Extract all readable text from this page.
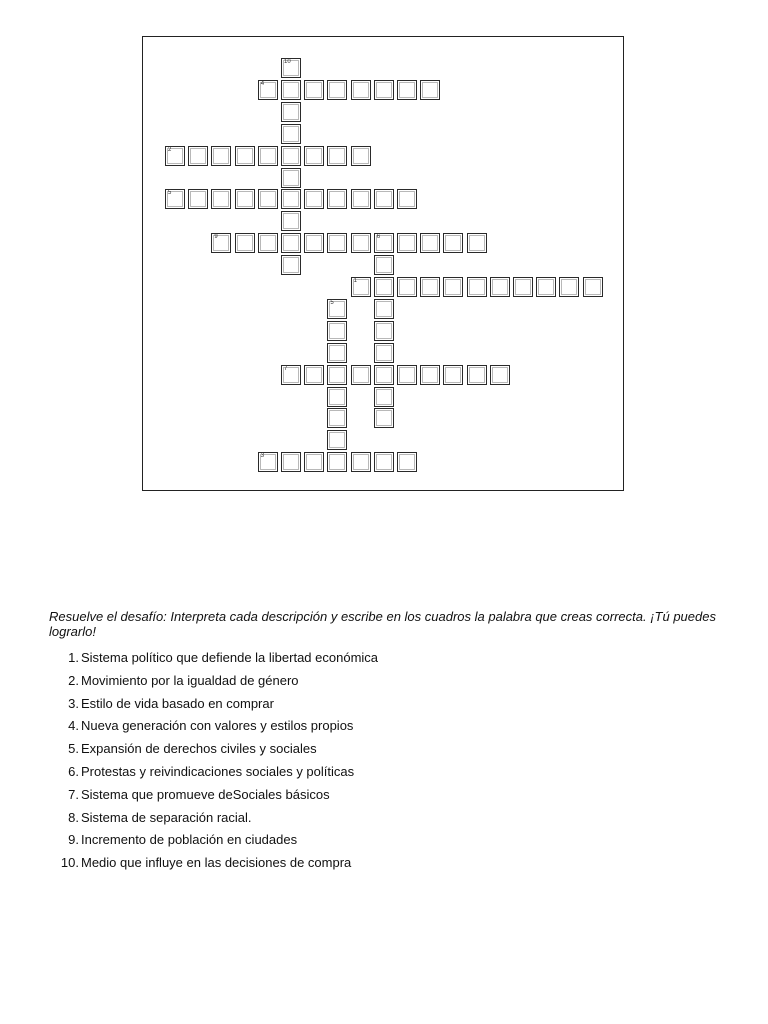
10
4
2
5
9	6
1
5
7
3

Resuelve el desafío: Interpreta cada descripción y escribe en los cuadros la palabra que creas correcta. ¡Tú puedes lograrlo!

1. Sistema político que defiende la libertad económica
2. Movimiento por la igualdad de género
3. Estilo de vida basado en comprar
4. Nueva generación con valores y estilos propios
5. Expansión de derechos civiles y sociales
6. Protestas y reivindicaciones sociales y políticas
7. Sistema que promueve deSociales básicos
8. Sistema de separación racial.
9. Incremento de población en ciudades
10. Medio que influye en las decisiones de compra
